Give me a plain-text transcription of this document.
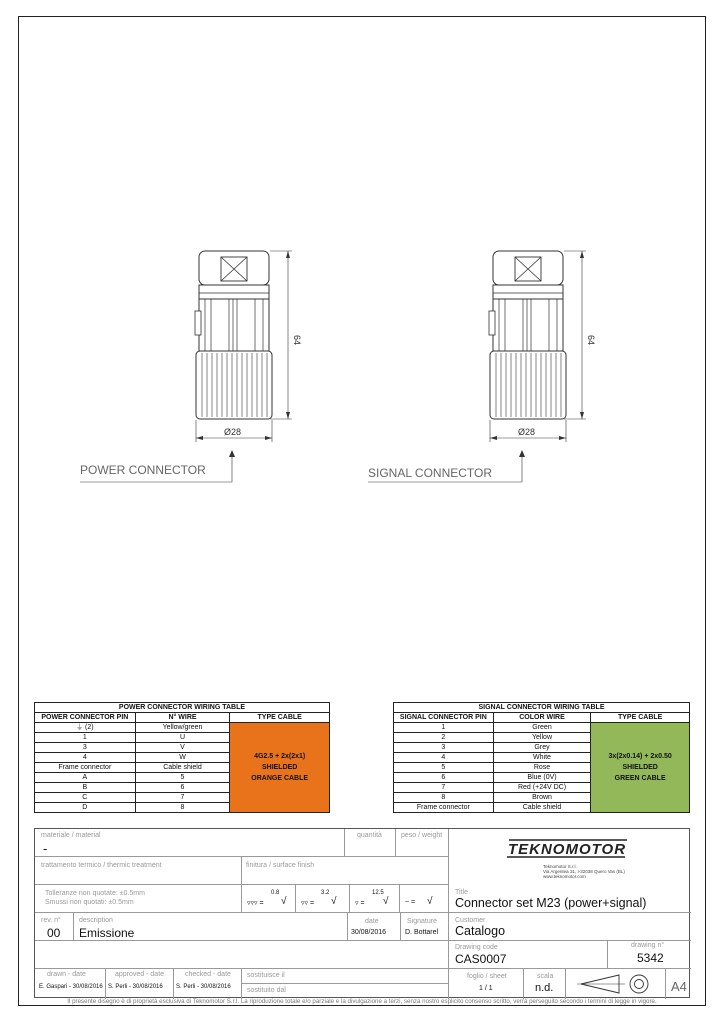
64
Ø28
POWER CONNECTOR
64
Ø28
SIGNAL CONNECTOR
POWER CONNECTOR WIRING TABLE		
POWER CONNECTOR PIN	N° WIRE	TYPE CABLE
⏚ (2)	Yellow/green	4G2.5 + 2x(2x1)
SHIELDED
ORANGE CABLE

1	U	
3	V	
4	W	
Frame connector	Cable shield	
A	5	
B	6	
C	7	
D	8	
SIGNAL CONNECTOR WIRING TABLE		
SIGNAL CONNECTOR PIN	COLOR WIRE	TYPE CABLE
1	Green	3x(2x0.14) + 2x0.50
SHIELDED
GREEN CABLE

2	Yellow	
3	Grey	
4	White	
5	Rose	
6	Blue (0V)	
7	Red (+24V DC)	
8	Brown	
Frame connector	Cable shield	
materiale / material
-
quantità	peso / weight
TEKNOMOTOR
Teknomotor S.r.l.
Via Argentea 31, I-32038 Quero Vas (BL)
www.teknomotor.com
trattamento termico / thermic treatment	finitura / surface finish
Tolleranze non quotate: ±0.5mm
Smussi non quotati: ±0.5mm	▿▿▿ =
0.8
√ ▿▿ =
3.2
√	▿ =
12.5
√ ~ = √
Title
Connector set M23 (power+signal)
rev. n°
00
description
Emissione
date
30/08/2016
Signature
D. Bottarel
Customer
Catalogo
Drawing code
CAS0007
drawing n°
5342
drawn - date
E. Gaspari - 30/08/2016
approved - date
S. Perli - 30/08/2016
checked - date
S. Perli - 30/08/2016
sostituisce il
sostituito dal
foglio / sheet
1 / 1
scala
n.d.	A4
Il presente disegno è di proprietà esclusiva di Teknomotor S.r.l. La riproduzione totale e/o parziale e la divulgazione a terzi, senza nostro esplicito consenso scritto, verrà perseguito secondo i termini di legge in vigore.
